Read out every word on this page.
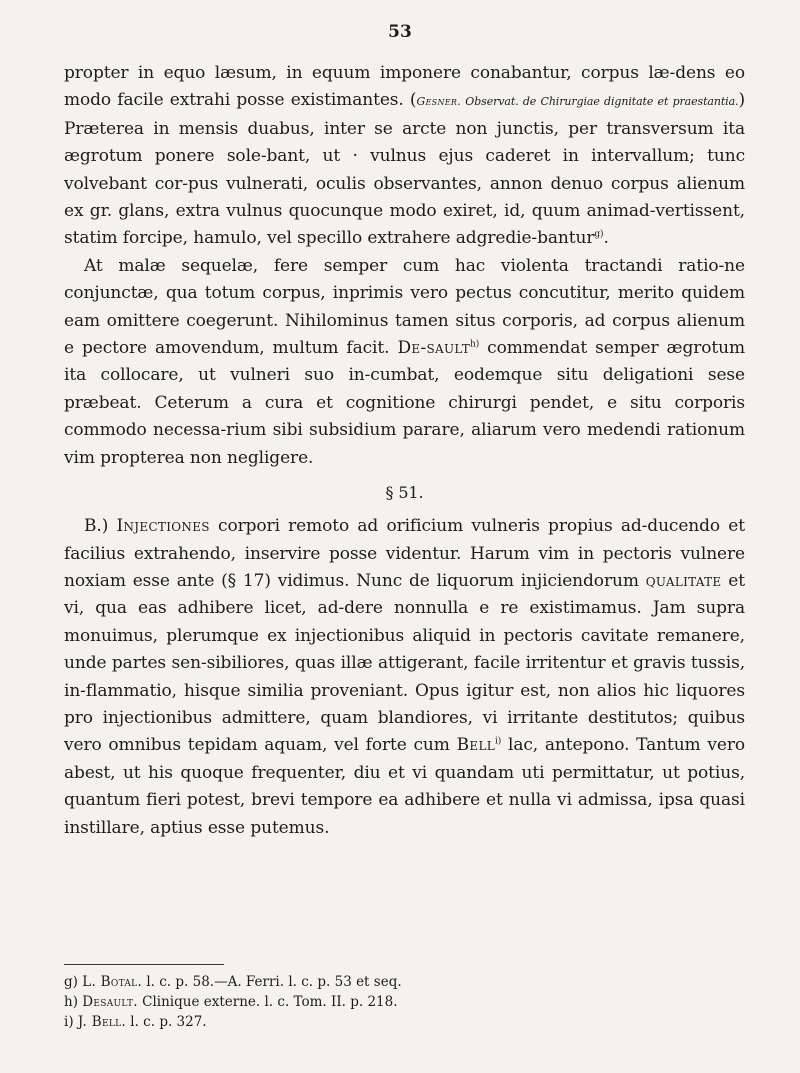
53

propter in equo læsum, in equum imponere conabantur, corpus læ-dens eo modo facile extrahi posse existimantes. (Gesner. Observat. de Chirurgiae dignitate et praestantia.) Præterea in mensis duabus, inter se arcte non junctis, per transversum ita ægrotum ponere sole-bant, ut · vulnus ejus caderet in intervallum; tunc volvebant cor-pus vulnerati, oculis observantes, annon denuo corpus alienum ex gr. glans, extra vulnus quocunque modo exiret, id, quum animad-vertissent, statim forcipe, hamulo, vel specillo extrahere adgredie-bantur$^{g)}$.

At malæ sequelæ, fere semper cum hac violenta tractandi ratio-ne conjunctæ, qua totum corpus, inprimis vero pectus concutitur, merito quidem eam omittere coegerunt. Nihilominus tamen situs corporis, ad corpus alienum e pectore amovendum, multum facit. De-sault$^{h)}$ commendat semper ægrotum ita collocare, ut vulneri suo in-cumbat, eodemque situ deligationi sese præbeat. Ceterum a cura et cognitione chirurgi pendet, e situ corporis commodo necessa-rium sibi subsidium parare, aliarum vero medendi rationum vim propterea non negligere.

§ 51.

B.) Injectiones corpori remoto ad orificium vulneris propius ad-ducendo et facilius extrahendo, inservire posse videntur. Harum vim in pectoris vulnere noxiam esse ante (§ 17) vidimus. Nunc de liquorum injiciendorum qualitate et vi, qua eas adhibere licet, ad-dere nonnulla e re existimamus. Jam supra monuimus, plerumque ex injectionibus aliquid in pectoris cavitate remanere, unde partes sen-sibiliores, quas illæ attigerant, facile irritentur et gravis tussis, in-flammatio, hisque similia proveniant. Opus igitur est, non alios hic liquores pro injectionibus admittere, quam blandiores, vi irritante destitutos; quibus vero omnibus tepidam aquam, vel forte cum Bell$^{i)}$ lac, antepono. Tantum vero abest, ut his quoque frequenter, diu et vi quandam uti permittatur, ut potius, quantum fieri potest, brevi tempore ea adhibere et nulla vi admissa, ipsa quasi instillare, aptius esse putemus.

g) L. Botal. l. c. p. 58.—A. Ferri. l. c. p. 53 et seq.
h) Desault. Clinique externe. l. c. Tom. II. p. 218.
i) J. Bell. l. c. p. 327.
